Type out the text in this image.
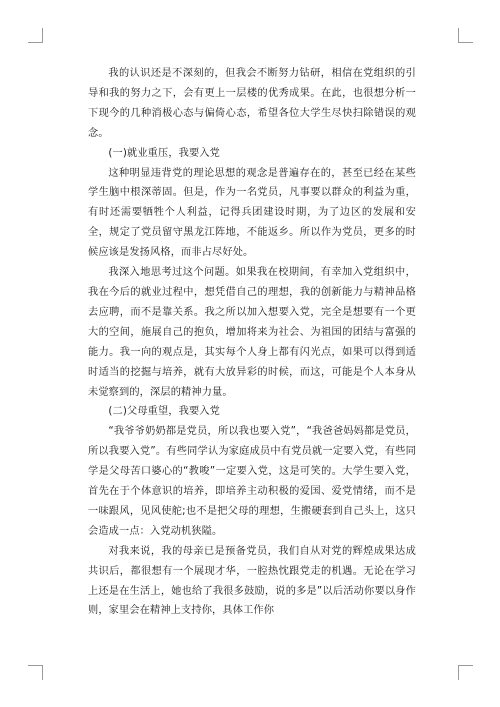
我的认识还是不深刻的，但我会不断努力钻研，相信在党组织的引导和我的努力之下，会有更上一层楼的优秀成果。在此，也很想分析一下现今的几种消极心态与偏倚心态，希望各位大学生尽快扫除错误的观念。

(一)就业重压，我要入党

这种明显违背党的理论思想的观念是普遍存在的，甚至已经在某些学生脑中根深蒂固。但是，作为一名党员，凡事要以群众的利益为重，有时还需要牺牲个人利益，记得兵团建设时期，为了边区的发展和安全，规定了党员留守黑龙江阵地，不能返乡。所以作为党员，更多的时候应该是发扬风格，而非占尽好处。

我深入地思考过这个问题。如果我在校期间，有幸加入党组织中，我在今后的就业过程中，想凭借自己的理想，我的创新能力与精神品格去应聘，而不是靠关系。我之所以加入想要入党，完全是想要有一个更大的空间，施展自己的抱负，增加将来为社会、为祖国的团结与富强的能力。我一向的观点是，其实每个人身上都有闪光点，如果可以得到适时适当的挖掘与培养，就有大放异彩的时候，而这，可能是个人本身从未觉察到的，深层的精神力量。

(二)父母重望，我要入党

“我爷爷奶奶都是党员，所以我也要入党”，“我爸爸妈妈都是党员，所以我要入党”。有些同学认为家庭成员中有党员就一定要入党，有些同学是父母苦口婆心的“教唆”一定要入党，这是可笑的。大学生要入党，首先在于个体意识的培养，即培养主动积极的爱国、爱党情绪，而不是一味跟风，见风使舵;也不是把父母的理想，生搬硬套到自己头上，这只会造成一点：入党动机狭隘。

对我来说，我的母亲已是预备党员，我们自从对党的辉煌成果达成共识后，都很想有一个展现才华，一腔热忱跟党走的机遇。无论在学习上还是在生活上，她也给了我很多鼓励，说的多是”以后活动你要以身作则，家里会在精神上支持你，具体工作你
